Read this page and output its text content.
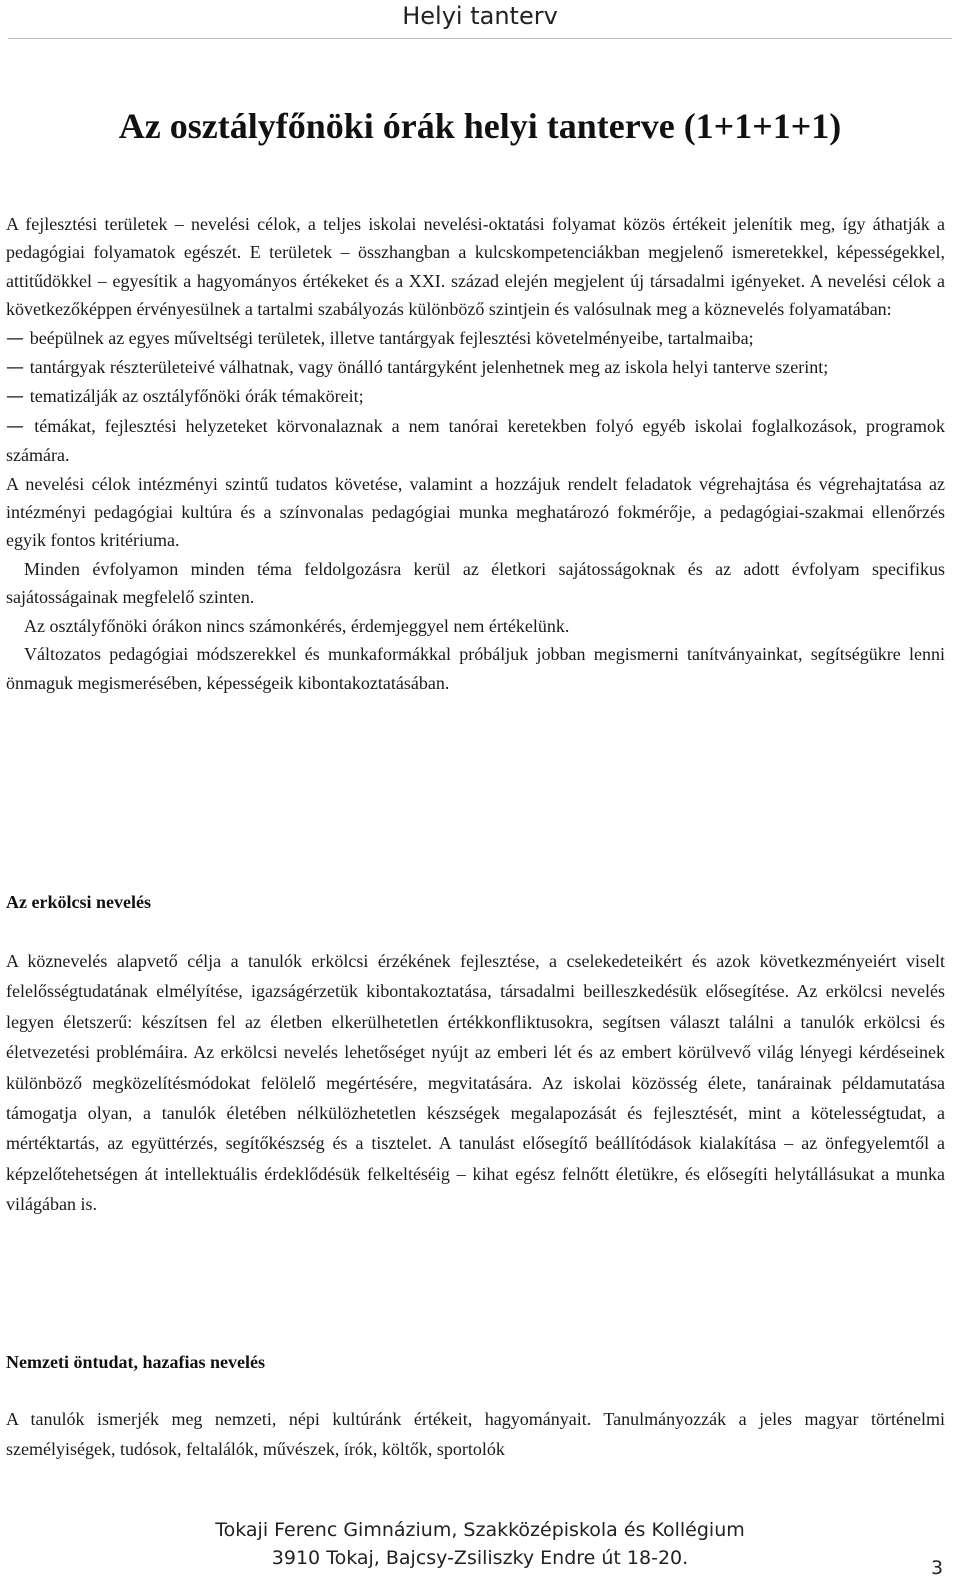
Helyi tanterv
Az osztályfőnöki órák helyi tanterve (1+1+1+1)

A fejlesztési területek – nevelési célok, a teljes iskolai nevelési-oktatási folyamat közös értékeit jelenítik meg, így áthatják a pedagógiai folyamatok egészét. E területek – összhangban a kulcskompetenciákban megjelenő ismeretekkel, képességekkel, attitűdökkel – egyesítik a hagyományos értékeket és a XXI. század elején megjelent új társadalmi igényeket. A nevelési célok a következőképpen érvényesülnek a tartalmi szabályozás különböző szintjein és valósulnak meg a köznevelés folyamatában:

— beépülnek az egyes műveltségi területek, illetve tantárgyak fejlesztési követelményeibe, tartalmaiba;

— tantárgyak részterületeivé válhatnak, vagy önálló tantárgyként jelenhetnek meg az iskola helyi tanterve szerint;

— tematizálják az osztályfőnöki órák témaköreit;

— témákat, fejlesztési helyzeteket körvonalaznak a nem tanórai keretekben folyó egyéb iskolai foglalkozások, programok számára.

A nevelési célok intézményi szintű tudatos követése, valamint a hozzájuk rendelt feladatok végrehajtása és végrehajtatása az intézményi pedagógiai kultúra és a színvonalas pedagógiai munka meghatározó fokmérője, a pedagógiai-szakmai ellenőrzés egyik fontos kritériuma.

Minden évfolyamon minden téma feldolgozásra kerül az életkori sajátosságoknak és az adott évfolyam specifikus sajátosságainak megfelelő szinten.

Az osztályfőnöki órákon nincs számonkérés, érdemjeggyel nem értékelünk.

Változatos pedagógiai módszerekkel és munkaformákkal próbáljuk jobban megismerni tanítványainkat, segítségükre lenni önmaguk megismerésében, képességeik kibontakoztatásában.

Az erkölcsi nevelés

A köznevelés alapvető célja a tanulók erkölcsi érzékének fejlesztése, a cselekedeteikért és azok következményeiért viselt felelősségtudatának elmélyítése, igazságérzetük kibontakoztatása, társadalmi beilleszkedésük elősegítése. Az erkölcsi nevelés legyen életszerű: készítsen fel az életben elkerülhetetlen értékkonfliktusokra, segítsen választ találni a tanulók erkölcsi és életvezetési problémáira. Az erkölcsi nevelés lehetőséget nyújt az emberi lét és az embert körülvevő világ lényegi kérdéseinek különböző megközelítésmódokat felölelő megértésére, megvitatására. Az iskolai közösség élete, tanárainak példamutatása támogatja olyan, a tanulók életében nélkülözhetetlen készségek megalapozását és fejlesztését, mint a kötelességtudat, a mértéktartás, az együttérzés, segítőkészség és a tisztelet. A tanulást elősegítő beállítódások kialakítása – az önfegyelemtől a képzelőtehetségen át intellektuális érdeklődésük felkeltéséig – kihat egész felnőtt életükre, és elősegíti helytállásukat a munka világában is.

Nemzeti öntudat, hazafias nevelés

A tanulók ismerjék meg nemzeti, népi kultúránk értékeit, hagyományait. Tanulmányozzák a jeles magyar történelmi személyiségek, tudósok, feltalálók, művészek, írók, költők, sportolók

Tokaji Ferenc Gimnázium, Szakközépiskola és Kollégium
3910 Tokaj, Bajcsy-Zsiliszky Endre út 18-20.	3
